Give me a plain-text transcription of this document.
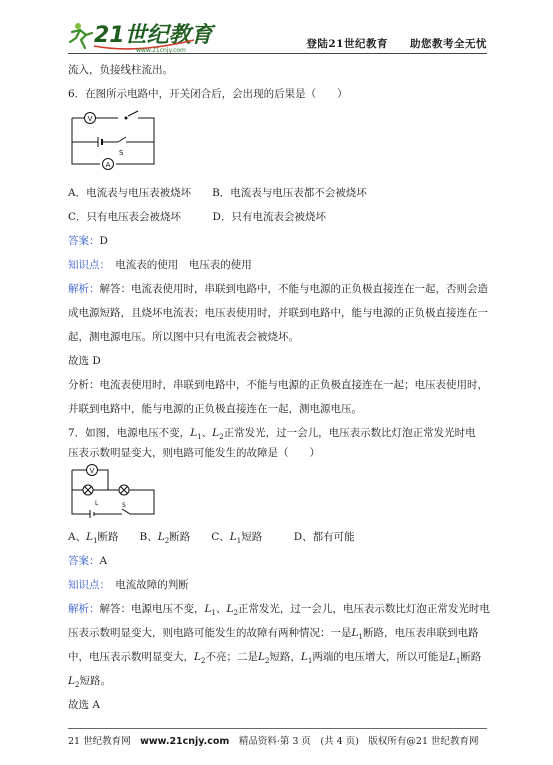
21世纪教育
www.21cnjy.com
登陆21世纪教育　　助您教考全无忧
流入，负接线柱流出。
6．在图所示电路中，开关闭合后，会出现的后果是（　　）
V
A
S
A．电流表与电压表被烧坏　　B．电流表与电压表都不会被烧坏
C．只有电压表会被烧坏　　　D．只有电流表会被烧坏
答案：D
知识点：　电流表的使用　电压表的使用
解析：解答：电流表使用时，串联到电路中，不能与电源的正负极直接连在一起，否则会造
成电源短路，且烧坏电流表；电压表使用时，并联到电路中，能与电源的正负极直接连在一
起，测电源电压。所以图中只有电流表会被烧坏。
故选 D
分析：电流表使用时，串联到电路中，不能与电源的正负极直接连在一起；电压表使用时，
并联到电路中，能与电源的正负极直接连在一起，测电源电压。
7．如图，电源电压不变，$L_1$、$L_2$正常发光，过一会儿，电压表示数比灯泡正常发光时电
压表示数明显变大，则电路可能发生的故障是（　　）
V
L	S
A、$L_1$断路　　 B、$L_2$断路　　 C、$L_1$短路　　　	D、都有可能
答案：A
知识点：　电流故障的判断
解析：解答：电源电压不变，$L_1$、$L_2$正常发光，过一会儿，电压表示数比灯泡正常发光时电
压表示数明显变大，则电路可能发生的故障有两种情况：一是$L_1$断路，电压表串联到电路
中，电压表示数明显变大，$L_2$不亮；二是$L_2$短路，$L_1$两端的电压增大，所以可能是$L_1$断路
$L_2$短路。
故选 A
21 世纪教育网　www.21cnjy.com　精品资料·第 3 页　(共 4 页)　版权所有@21 世纪教育网
